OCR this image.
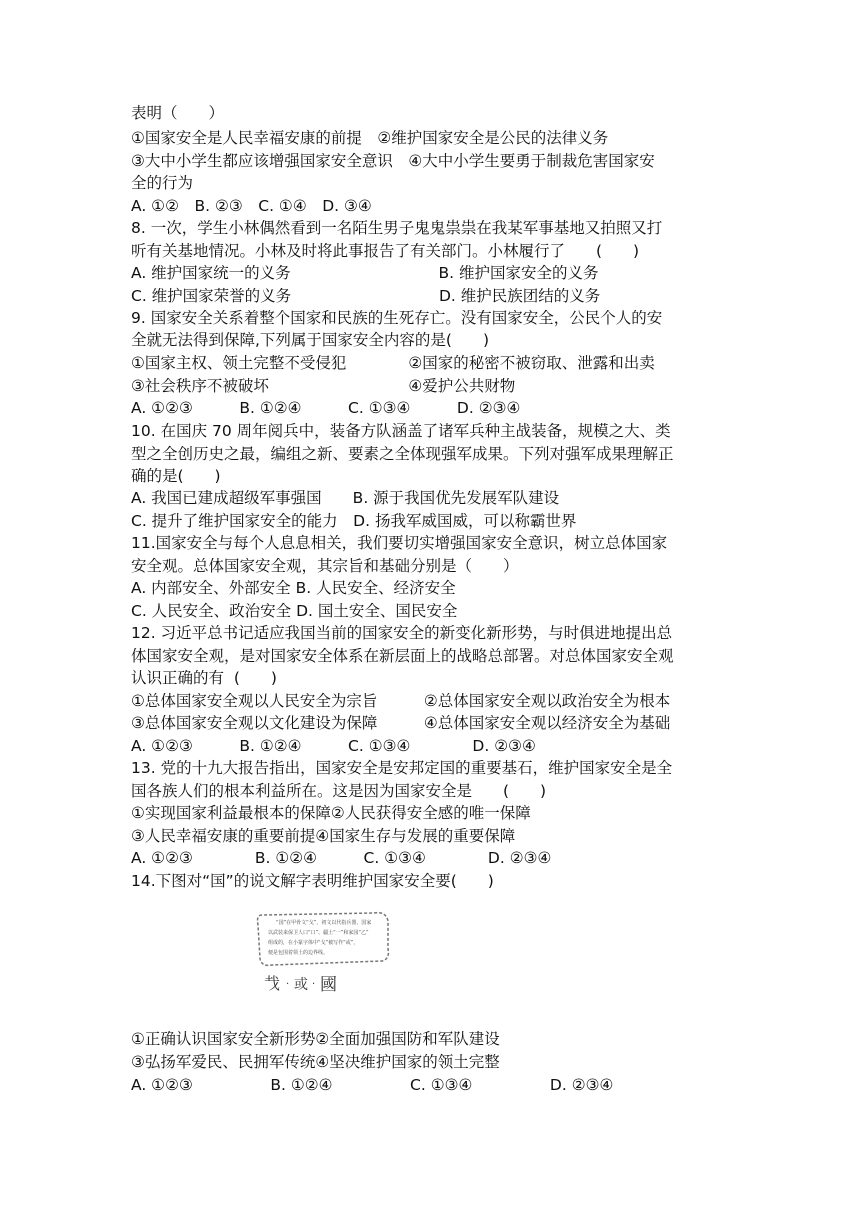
表明（　　）
①国家安全是人民幸福安康的前提　②维护国家安全是公民的法律义务
③大中小学生都应该增强国家安全意识　④大中小学生要勇于制裁危害国家安
全的行为
A. ①②　B. ②③　C. ①④　D. ③④
8. 一次，学生小林偶然看到一名陌生男子鬼鬼祟祟在我某军事基地又拍照又打
听有关基地情况。小林及时将此事报告了有关部门。小林履行了　　(　　)
A. 维护国家统一的义务                              B. 维护国家安全的义务
C. 维护国家荣誉的义务                              D. 维护民族团结的义务
9. 国家安全关系着整个国家和民族的生死存亡。没有国家安全，公民个人的安
全就无法得到保障,下列属于国家安全内容的是(　　)
①国家主权、领土完整不受侵犯　　　　②国家的秘密不被窃取、泄露和出卖
③社会秩序不被破坏　　　　　　　　　④爱护公共财物
A. ①②③　　　B. ①②④　　　C. ①③④　　　D. ②③④
10. 在国庆 70 周年阅兵中，装备方队涵盖了诸军兵种主战装备，规模之大、类
型之全创历史之最，编组之新、要素之全体现强军成果。下列对强军成果理解正
确的是(　　)
A. 我国已建成超级军事强国　　B. 源于我国优先发展军队建设
C. 提升了维护国家安全的能力　D. 扬我军威国威，可以称霸世界
11.国家安全与每个人息息相关，我们要切实增强国家安全意识，树立总体国家
安全观。总体国家安全观，其宗旨和基础分别是（　　）
A. 内部安全、外部安全 B. 人民安全、经济安全
C. 人民安全、政治安全 D. 国土安全、国民安全
12. 习近平总书记适应我国当前的国家安全的新变化新形势，与时俱进地提出总
体国家安全观，是对国家安全体系在新层面上的战略总部署。对总体国家安全观
认识正确的有  (　　)
①总体国家安全观以人民安全为宗旨　　　②总体国家安全观以政治安全为根本
③总体国家安全观以文化建设为保障　　　④总体国家安全观以经济安全为基础
A. ①②③　　　B. ①②④　　　C. ①③④　　　　D. ②③④
13. 党的十九大报告指出，国家安全是安邦定国的重要基石，维护国家安全是全
国各族人们的根本利益所在。这是因为国家安全是　　(　　)
①实现国家利益最根本的保障②人民获得安全感的唯一保障
③人民幸福安康的重要前提④国家生存与发展的重要保障
A. ①②③　　　　B. ①②④　　　C. ①③④　　　　D. ②③④
14.下图对“国”的说文解字表明维护国家安全要(　　)
“国”在甲骨文“戈”，初文以代指兵器，国家
以武装来保卫人口“口”、疆土“一”和家园“乙”
组成的，在小篆字体中“戈”被写作“或”，
便是包围着领土的边界线。
𢦏 · 或 · 國
①正确认识国家安全新形势②全面加强国防和军队建设
③弘扬军爱民、民拥军传统④坚决维护国家的领土完整
A. ①②③　　　　　B. ①②④　　　　　C. ①③④　　　　　D. ②③④
